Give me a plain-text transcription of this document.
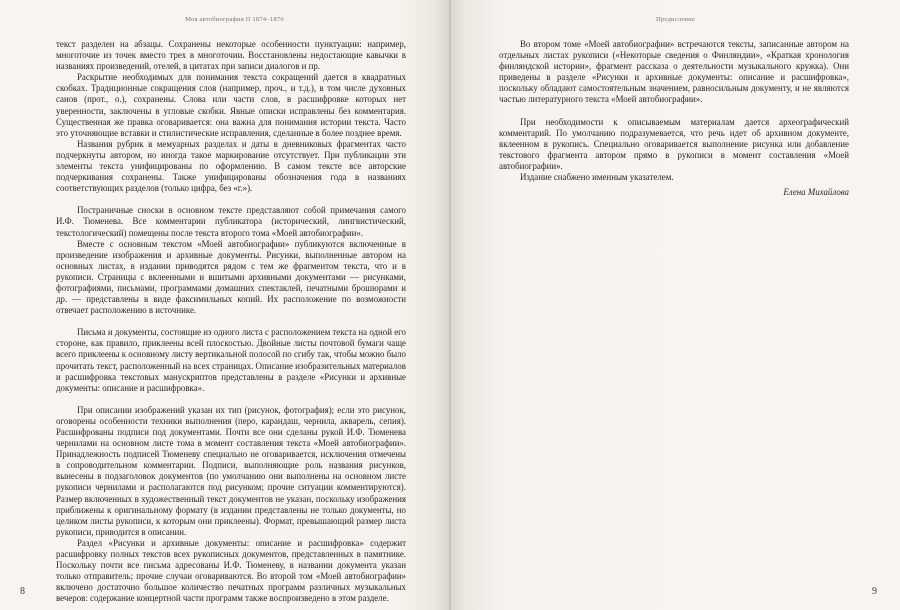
Моя автобиография II 1874–1876

текст разделен на абзацы. Сохранены некоторые особенности пунктуации: например, многоточие из точек вместо трех в многоточии. Восстановлены недостающие кавычки в названиях произведений, отелей, в цитатах при записи диалогов и пр.

Раскрытие необходимых для понимания текста сокращений дается в квадратных скобках. Традиционные сокращения слов (например, проч., и т.д.), в том числе духовных санов (прот., о.), сохранены. Слова или части слов, в расшифровке которых нет уверенности, заключены в угловые скобки. Явные описки исправлены без комментария. Существенная же правка оговаривается: она важна для понимания истории текста. Часто это уточняющие вставки и стилистические исправления, сделанные в более позднее время.

Названия рубрик в мемуарных разделах и даты в дневниковых фрагментах часто подчеркнуты автором, но иногда такое маркирование отсутствует. При публикации эти элементы текста унифицированы по оформлению. В самом тексте все авторские подчеркивания сохранены. Также унифицированы обозначения года в названиях соответствующих разделов (только цифра, без «г.»).

Постраничные сноски в основном тексте представляют собой примечания самого И.Ф. Тюменева. Все комментарии публикатора (исторический, лингвистический, текстологический) помещены после текста второго тома «Моей автобиографии».

Вместе с основным текстом «Моей автобиографии» публикуются включенные в произведение изображения и архивные документы. Рисунки, выполненные автором на основных листах, в издании приводятся рядом с тем же фрагментом текста, что и в рукописи. Страницы с вклеенными и вшитыми архивными документами — рисунками, фотографиями, письмами, программами домашних спектаклей, печатными брошюрами и др. — представлены в виде факсимильных копий. Их расположение по возможности отвечает расположению в источнике.

Письма и документы, состоящие из одного листа с расположением текста на одной его стороне, как правило, приклеены всей плоскостью. Двойные листы почтовой бумаги чаще всего приклеены к основному листу вертикальной полосой по сгибу так, чтобы можно было прочитать текст, расположенный на всех страницах. Описание изобразительных материалов и расшифровка текстовых манускриптов представлены в разделе «Рисунки и архивные документы: описание и расшифровка».

При описании изображений указан их тип (рисунок, фотография); если это рисунок, оговорены особенности техники выполнения (перо, карандаш, чернила, акварель, сепия). Расшифрованы подписи под документами. Почти все они сделаны рукой И.Ф. Тюменева чернилами на основном листе тома в момент составления текста «Моей автобиографии». Принадлежность подписей Тюменеву специально не оговаривается, исключения отмечены в сопроводительном комментарии. Подписи, выполняющие роль названия рисунков, вынесены в подзаголовок документов (по умолчанию они выполнены на основном листе рукописи чернилами и располагаются под рисунком; прочие ситуации комментируются). Размер включенных в художественный текст документов не указан, поскольку изображения приближены к оригинальному формату (в издании представлены не только документы, но целиком листы рукописи, к которым они приклеены). Формат, превышающий размер листа рукописи, приводится в описании.

Раздел «Рисунки и архивные документы: описание и расшифровка» содержит расшифровку полных текстов всех рукописных документов, представленных в памятнике. Поскольку почти все письма адресованы И.Ф. Тюменеву, в названии документа указан только отправитель; прочие случаи оговариваются. Во второй том «Моей автобиографии» включено достаточно большое количество печатных программ различных музыкальных вечеров: содержание концертной части программ также воспроизведено в этом разделе.

8
Предисловие

Во втором томе «Моей автобиографии» встречаются тексты, записанные автором на отдельных листах рукописи («Некоторые сведения о Финляндии», «Краткая хронология финляндской истории», фрагмент рассказа о деятельности музыкального кружка). Они приведены в разделе «Рисунки и архивные документы: описание и расшифровка», поскольку обладают самостоятельным значением, равносильным документу, и не являются частью литературного текста «Моей автобиографии».

При необходимости к описываемым материалам дается археографический комментарий. По умолчанию подразумевается, что речь идет об архивном документе, вклеенном в рукопись. Специально оговаривается выполнение рисунка или добавление текстового фрагмента автором прямо в рукописи в момент составления «Моей автобиографии».

Издание снабжено именным указателем.

Елена Михайлова

9
